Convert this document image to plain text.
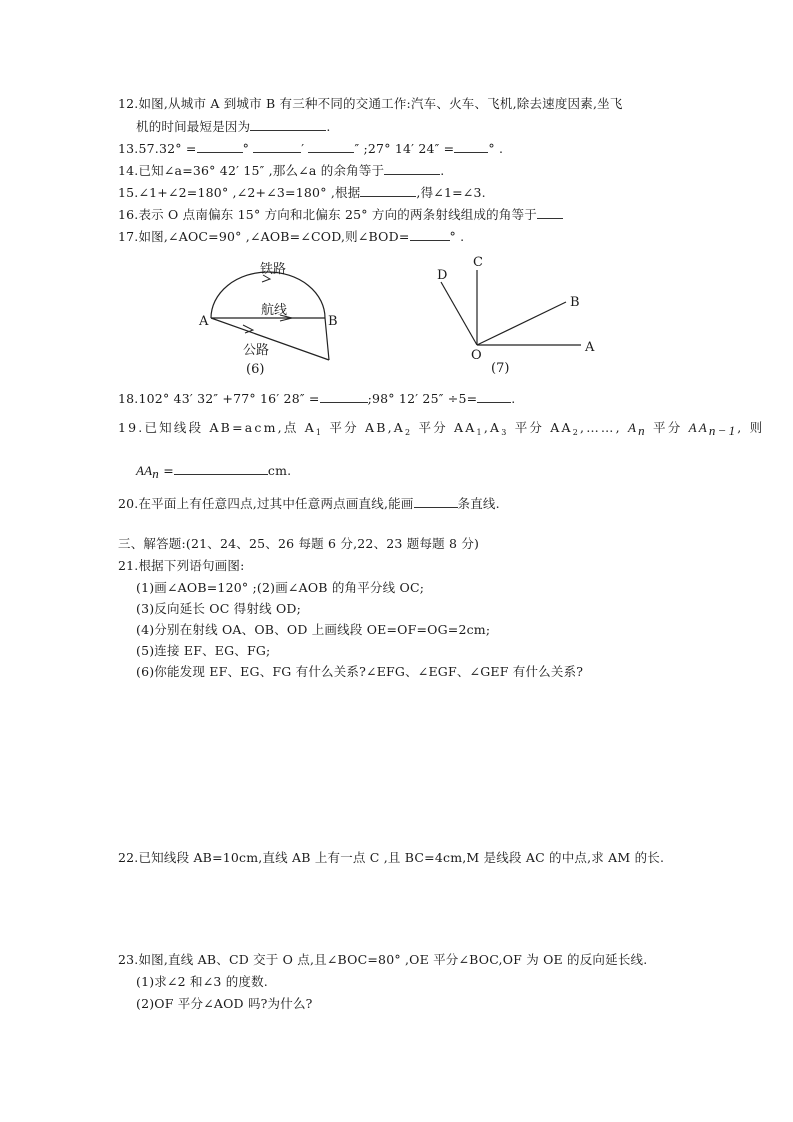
12.如图,从城市 A 到城市 B 有三种不同的交通工作:汽车、火车、飞机,除去速度因素,坐飞
机的时间最短是因为	.
13.57.32° =	°	′	″ ;27° 14′ 24″ =	° .
14.已知∠a=36° 42′ 15″ ,那么∠a 的余角等于	.
15.∠1+∠2=180° ,∠2+∠3=180° ,根据	,得∠1=∠3.
16.表示 O 点南偏东 15° 方向和北偏东 25° 方向的两条射线组成的角等于
17.如图,∠AOC=90° ,∠AOB=∠COD,则∠BOD=	° .
A	B
铁路
航线
公路
(6)
O
A
B
C
D
(7)
18.102° 43′ 32″ +77° 16′ 28″ =	;98° 12′ 25″ ÷5=	.
19.已知线段 AB=acm,点 $A_1$ 平分 $AB,A_2$ 平分 $AA_1,A_3$ 平分 $AA_2,\dots\dots$, $A_n$ 平分 $AA_{n-1}$, 则
$AA_n$ =	cm.
20.在平面上有任意四点,过其中任意两点画直线,能画	条直线.
三、解答题:(21、24、25、26 每题 6 分,22、23 题每题 8 分)
21.根据下列语句画图:
(1)画∠AOB=120° ;(2)画∠AOB 的角平分线 OC;
(3)反向延长 OC 得射线 OD;
(4)分别在射线 OA、OB、OD 上画线段 OE=OF=OG=2cm;
(5)连接 EF、EG、FG;
(6)你能发现 EF、EG、FG 有什么关系?∠EFG、∠EGF、∠GEF 有什么关系?
22.已知线段 AB=10cm,直线 AB 上有一点 C ,且 BC=4cm,M 是线段 AC 的中点,求 AM 的长.
23.如图,直线 AB、CD 交于 O 点,且∠BOC=80° ,OE 平分∠BOC,OF 为 OE 的反向延长线.
(1)求∠2 和∠3 的度数.
(2)OF 平分∠AOD 吗?为什么?
